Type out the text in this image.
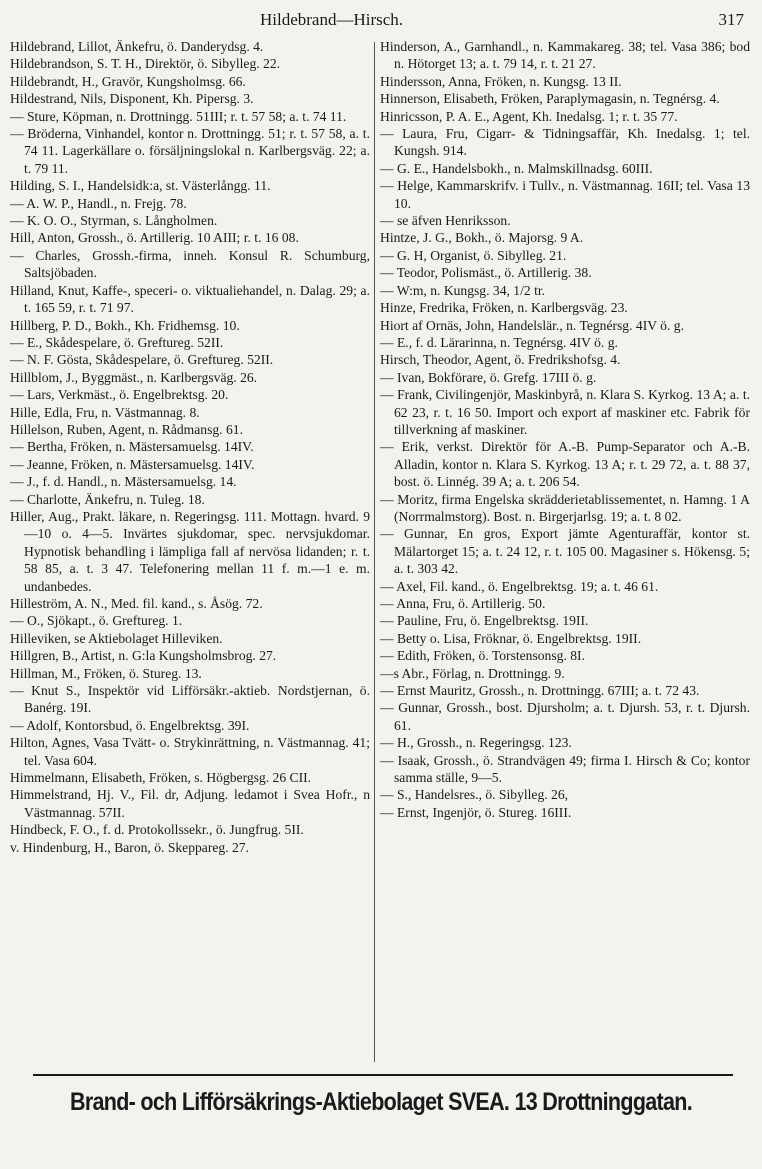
Hildebrand—Hirsch.	317
Hildebrand, Lillot, Änkefru, ö. Danderydsg. 4.
Hildebrandson, S. T. H., Direktör, ö. Sibylleg. 22.
Hildebrandt, H., Gravör, Kungsholmsg. 66.
Hildestrand, Nils, Disponent, Kh. Pipersg. 3.
— Sture, Köpman, n. Drottningg. 51III; r. t. 57 58; a. t. 74 11.
— Bröderna, Vinhandel, kontor n. Drottningg. 51; r. t. 57 58, a. t. 74 11. Lagerkällare o. försäljningslokal n. Karlbergsväg. 22; a. t. 79 11.
Hilding, S. I., Handelsidk:a, st. Västerlångg. 11.
— A. W. P., Handl., n. Frejg. 78.
— K. O. O., Styrman, s. Långholmen.
Hill, Anton, Grossh., ö. Artillerig. 10 AIII; r. t. 16 08.
— Charles, Grossh.-firma, inneh. Konsul R. Schumburg, Saltsjöbaden.
Hilland, Knut, Kaffe-, speceri- o. viktualiehandel, n. Dalag. 29; a. t. 165 59, r. t. 71 97.
Hillberg, P. D., Bokh., Kh. Fridhemsg. 10.
— E., Skådespelare, ö. Greftureg. 52II.
— N. F. Gösta, Skådespelare, ö. Greftureg. 52II.
Hillblom, J., Byggmäst., n. Karlbergsväg. 26.
— Lars, Verkmäst., ö. Engelbrektsg. 20.
Hille, Edla, Fru, n. Västmannag. 8.
Hillelson, Ruben, Agent, n. Rådmansg. 61.
— Bertha, Fröken, n. Mästersamuelsg. 14IV.
— Jeanne, Fröken, n. Mästersamuelsg. 14IV.
— J., f. d. Handl., n. Mästersamuelsg. 14.
— Charlotte, Änkefru, n. Tuleg. 18.
Hiller, Aug., Prakt. läkare, n. Regeringsg. 111. Mottagn. hvard. 9—10 o. 4—5. Invärtes sjukdomar, spec. nervsjukdomar. Hypnotisk behandling i lämpliga fall af nervösa lidanden; r. t. 58 85, a. t. 3 47. Telefonering mellan 11 f. m.—1 e. m. undanbedes.
Hilleström, A. N., Med. fil. kand., s. Åsög. 72.
— O., Sjökapt., ö. Greftureg. 1.
Hilleviken, se Aktiebolaget Hilleviken.
Hillgren, B., Artist, n. G:la Kungsholmsbrog. 27.
Hillman, M., Fröken, ö. Stureg. 13.
— Knut S., Inspektör vid Lifförsäkr.-aktieb. Nordstjernan, ö. Banérg. 19I.
— Adolf, Kontorsbud, ö. Engelbrektsg. 39I.
Hilton, Agnes, Vasa Tvätt- o. Strykinrättning, n. Västmannag. 41; tel. Vasa 604.
Himmelmann, Elisabeth, Fröken, s. Högbergsg. 26 CII.
Himmelstrand, Hj. V., Fil. dr, Adjung. ledamot i Svea Hofr., n Västmannag. 57II.
Hindbeck, F. O., f. d. Protokollssekr., ö. Jungfrug. 5II.
v. Hindenburg, H., Baron, ö. Skeppareg. 27.
Hinderson, A., Garnhandl., n. Kammakareg. 38; tel. Vasa 386; bod n. Hötorget 13; a. t. 79 14, r. t. 21 27.
Hindersson, Anna, Fröken, n. Kungsg. 13 II.
Hinnerson, Elisabeth, Fröken, Paraplymagasin, n. Tegnérsg. 4.
Hinricsson, P. A. E., Agent, Kh. Inedalsg. 1; r. t. 35 77.
— Laura, Fru, Cigarr- & Tidningsaffär, Kh. Inedalsg. 1; tel. Kungsh. 914.
— G. E., Handelsbokh., n. Malmskillnadsg. 60III.
— Helge, Kammarskrifv. i Tullv., n. Västmannag. 16II; tel. Vasa 13 10.
— se äfven Henriksson.
Hintze, J. G., Bokh., ö. Majorsg. 9 A.
— G. H, Organist, ö. Sibylleg. 21.
— Teodor, Polismäst., ö. Artillerig. 38.
— W:m, n. Kungsg. 34, 1/2 tr.
Hinze, Fredrika, Fröken, n. Karlbergsväg. 23.
Hiort af Ornäs, John, Handelslär., n. Tegnérsg. 4IV ö. g.
— E., f. d. Lärarinna, n. Tegnérsg. 4IV ö. g.
Hirsch, Theodor, Agent, ö. Fredrikshofsg. 4.
— Ivan, Bokförare, ö. Grefg. 17III ö. g.
— Frank, Civilingenjör, Maskinbyrå, n. Klara S. Kyrkog. 13 A; a. t. 62 23, r. t. 16 50. Import och export af maskiner etc. Fabrik för tillverkning af maskiner.
— Erik, verkst. Direktör för A.-B. Pump-Separator och A.-B. Alladin, kontor n. Klara S. Kyrkog. 13 A; r. t. 29 72, a. t. 88 37, bost. ö. Linnég. 39 A; a. t. 206 54.
— Moritz, firma Engelska skrädderietablissementet, n. Hamng. 1 A (Norrmalmstorg). Bost. n. Birgerjarlsg. 19; a. t. 8 02.
— Gunnar, En gros, Export jämte Agenturaffär, kontor st. Mälartorget 15; a. t. 24 12, r. t. 105 00. Magasiner s. Hökensg. 5; a. t. 303 42.
— Axel, Fil. kand., ö. Engelbrektsg. 19; a. t. 46 61.
— Anna, Fru, ö. Artillerig. 50.
— Pauline, Fru, ö. Engelbrektsg. 19II.
— Betty o. Lisa, Fröknar, ö. Engelbrektsg. 19II.
— Edith, Fröken, ö. Torstensonsg. 8I.
—s Abr., Förlag, n. Drottningg. 9.
— Ernst Mauritz, Grossh., n. Drottningg. 67III; a. t. 72 43.
— Gunnar, Grossh., bost. Djursholm; a. t. Djursh. 53, r. t. Djursh. 61.
— H., Grossh., n. Regeringsg. 123.
— Isaak, Grossh., ö. Strandvägen 49; firma I. Hirsch & Co; kontor samma ställe, 9—5.
— S., Handelsres., ö. Sibylleg. 26,
— Ernst, Ingenjör, ö. Stureg. 16III.
Brand- och Lifförsäkrings-Aktiebolaget SVEA. 13 Drottninggatan.
